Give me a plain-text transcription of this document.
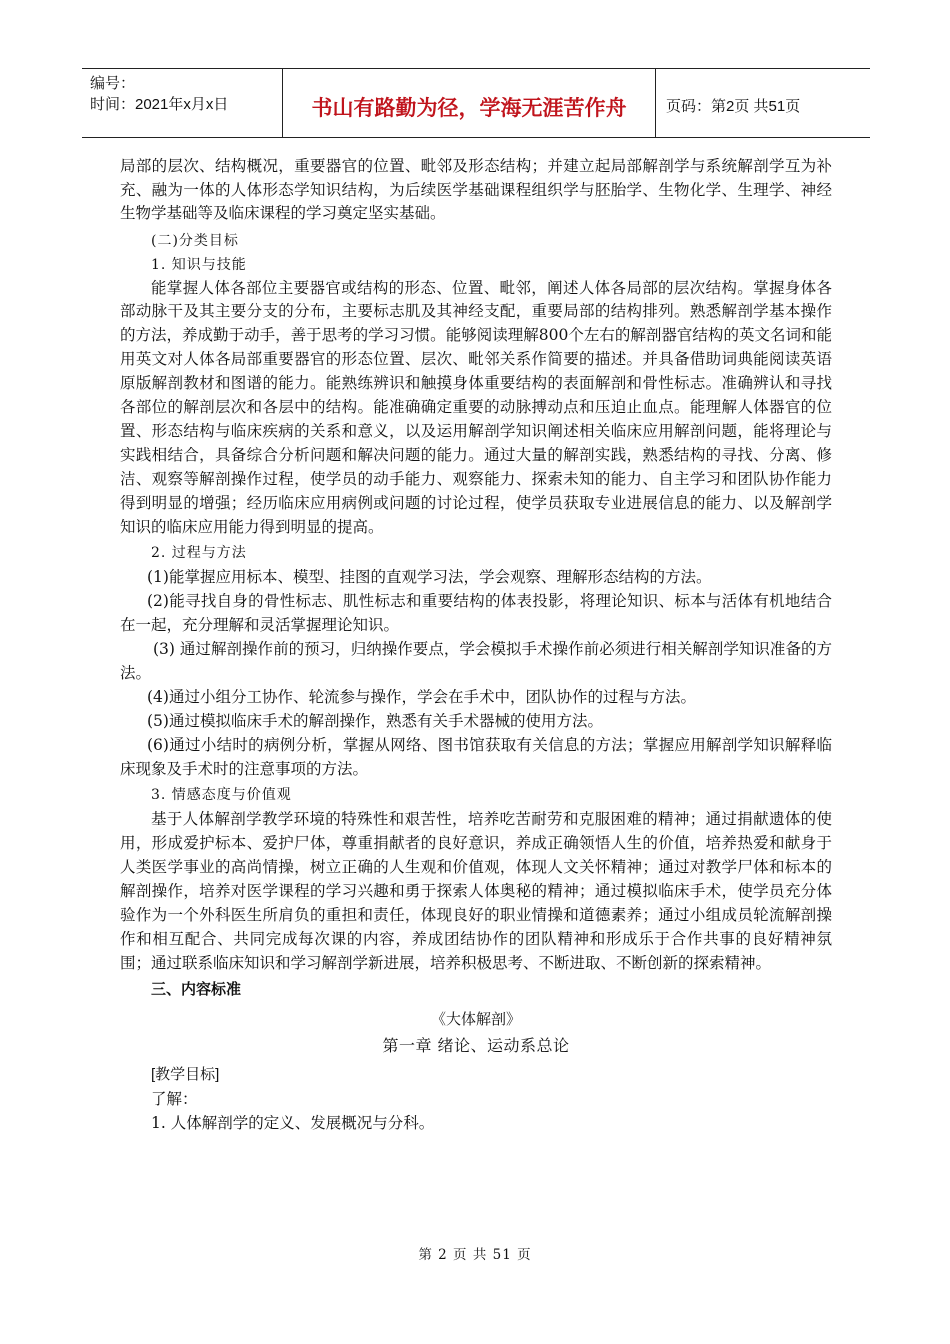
编号：
时间：2021年x月x日	书山有路勤为径，学海无涯苦作舟	页码：第2页 共51页

局部的层次、结构概况，重要器官的位置、毗邻及形态结构；并建立起局部解剖学与系统解剖学互为补充、融为一体的人体形态学知识结构，为后续医学基础课程组织学与胚胎学、生物化学、生理学、神经生物学基础等及临床课程的学习奠定坚实基础。

(二)分类目标

1. 知识与技能

能掌握人体各部位主要器官或结构的形态、位置、毗邻，阐述人体各局部的层次结构。掌握身体各部动脉干及其主要分支的分布，主要标志肌及其神经支配，重要局部的结构排列。熟悉解剖学基本操作的方法，养成勤于动手，善于思考的学习习惯。能够阅读理解800个左右的解剖器官结构的英文名词和能用英文对人体各局部重要器官的形态位置、层次、毗邻关系作简要的描述。并具备借助词典能阅读英语原版解剖教材和图谱的能力。能熟练辨识和触摸身体重要结构的表面解剖和骨性标志。准确辨认和寻找各部位的解剖层次和各层中的结构。能准确确定重要的动脉搏动点和压迫止血点。能理解人体器官的位置、形态结构与临床疾病的关系和意义，以及运用解剖学知识阐述相关临床应用解剖问题，能将理论与实践相结合，具备综合分析问题和解决问题的能力。通过大量的解剖实践，熟悉结构的寻找、分离、修洁、观察等解剖操作过程，使学员的动手能力、观察能力、探索未知的能力、自主学习和团队协作能力得到明显的增强；经历临床应用病例或问题的讨论过程，使学员获取专业进展信息的能力、以及解剖学知识的临床应用能力得到明显的提高。

2. 过程与方法

(1)能掌握应用标本、模型、挂图的直观学习法，学会观察、理解形态结构的方法。

(2)能寻找自身的骨性标志、肌性标志和重要结构的体表投影，将理论知识、标本与活体有机地结合在一起，充分理解和灵活掌握理论知识。

(3) 通过解剖操作前的预习，归纳操作要点，学会模拟手术操作前必须进行相关解剖学知识准备的方法。

(4)通过小组分工协作、轮流参与操作，学会在手术中，团队协作的过程与方法。

(5)通过模拟临床手术的解剖操作，熟悉有关手术器械的使用方法。

(6)通过小结时的病例分析，掌握从网络、图书馆获取有关信息的方法；掌握应用解剖学知识解释临床现象及手术时的注意事项的方法。

3. 情感态度与价值观

基于人体解剖学教学环境的特殊性和艰苦性，培养吃苦耐劳和克服困难的精神；通过捐献遗体的使用，形成爱护标本、爱护尸体，尊重捐献者的良好意识，养成正确领悟人生的价值，培养热爱和献身于人类医学事业的高尚情操，树立正确的人生观和价值观，体现人文关怀精神；通过对教学尸体和标本的解剖操作，培养对医学课程的学习兴趣和勇于探索人体奥秘的精神；通过模拟临床手术，使学员充分体验作为一个外科医生所肩负的重担和责任，体现良好的职业情操和道德素养；通过小组成员轮流解剖操作和相互配合、共同完成每次课的内容，养成团结协作的团队精神和形成乐于合作共事的良好精神氛围；通过联系临床知识和学习解剖学新进展，培养积极思考、不断进取、不断创新的探索精神。

三、内容标准

《大体解剖》

第一章 绪论、运动系总论

[教学目标]

了解：

1. 人体解剖学的定义、发展概况与分科。

第 2 页 共 51 页
